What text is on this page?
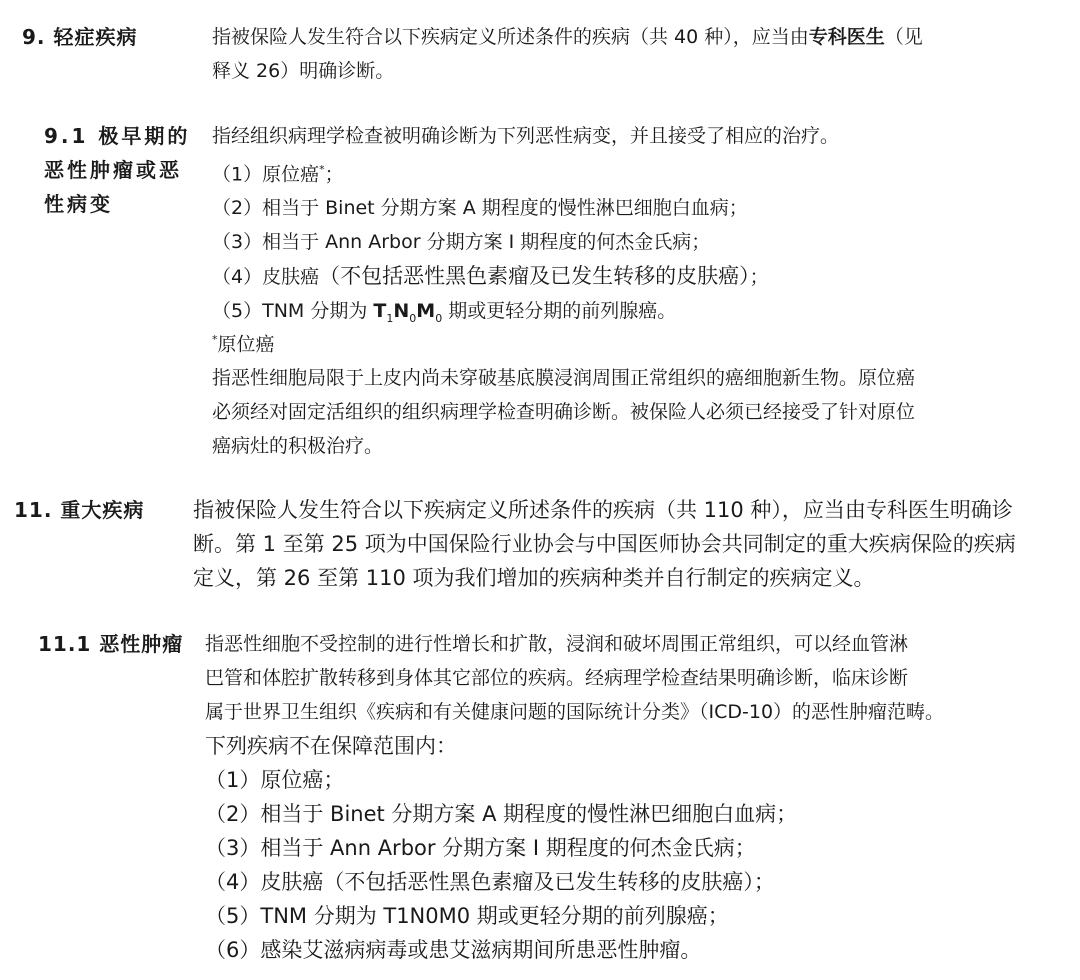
9. 轻症疾病	指被保险人发生符合以下疾病定义所述条件的疾病（共 40 种），应当由专科医生（见
释义 26）明确诊断。
9.1 极早期的
恶性肿瘤或恶
性病变
指经组织病理学检查被明确诊断为下列恶性病变，并且接受了相应的治疗。
（1）原位癌*；
（2）相当于 Binet 分期方案 A 期程度的慢性淋巴细胞白血病；
（3）相当于 Ann Arbor 分期方案 I 期程度的何杰金氏病；
（4）皮肤癌（不包括恶性黑色素瘤及已发生转移的皮肤癌）；
（5）TNM 分期为 $T_1N_0M_0$ 期或更轻分期的前列腺癌。
*原位癌
指恶性细胞局限于上皮内尚未穿破基底膜浸润周围正常组织的癌细胞新生物。原位癌
必须经对固定活组织的组织病理学检查明确诊断。被保险人必须已经接受了针对原位
癌病灶的积极治疗。
11. 重大疾病 指被保险人发生符合以下疾病定义所述条件的疾病（共 110 种），应当由专科医生明确诊
断。第 1 至第 25 项为中国保险行业协会与中国医师协会共同制定的重大疾病保险的疾病
定义，第 26 至第 110 项为我们增加的疾病种类并自行制定的疾病定义。
11.1 恶性肿瘤 指恶性细胞不受控制的进行性增长和扩散，浸润和破坏周围正常组织，可以经血管淋
巴管和体腔扩散转移到身体其它部位的疾病。经病理学检查结果明确诊断，临床诊断
属于世界卫生组织《疾病和有关健康问题的国际统计分类》（ICD-10）的恶性肿瘤范畴。
下列疾病不在保障范围内：
（1）原位癌；
（2）相当于 Binet 分期方案 A 期程度的慢性淋巴细胞白血病；
（3）相当于 Ann Arbor 分期方案 I 期程度的何杰金氏病；
（4）皮肤癌（不包括恶性黑色素瘤及已发生转移的皮肤癌）；
（5）TNM 分期为 T1N0M0 期或更轻分期的前列腺癌；
（6）感染艾滋病病毒或患艾滋病期间所患恶性肿瘤。
